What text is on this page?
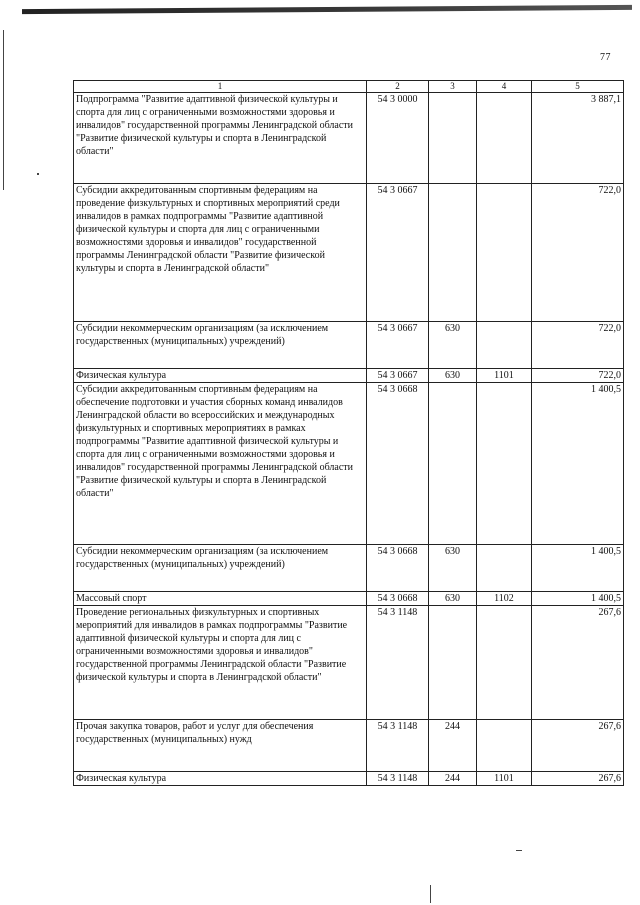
77
1	2	3	4	5
Подпрограмма "Развитие адаптивной физической культуры и спорта для лиц с ограниченными возможностями здоровья и инвалидов" государственной программы Ленинградской области "Развитие физической культуры и спорта в Ленинградской области"	54 3 0000			3 887,1
Субсидии аккредитованным спортивным федерациям на проведение физкультурных и спортивных мероприятий среди инвалидов в рамках подпрограммы "Развитие адаптивной физической культуры и спорта для лиц с ограниченными возможностями здоровья и инвалидов" государственной программы Ленинградской области "Развитие физической культуры и спорта в Ленинградской области"	54 3 0667			722,0
Субсидии некоммерческим организациям (за исключением государственных (муниципальных) учреждений)	54 3 0667	630		722,0
Физическая культура	54 3 0667	630	1101	722,0
Субсидии аккредитованным спортивным федерациям на обеспечение подготовки и участия сборных команд инвалидов Ленинградской области во всероссийских и международных физкультурных и спортивных мероприятиях в рамках подпрограммы "Развитие адаптивной физической культуры и спорта для лиц с ограниченными возможностями здоровья и инвалидов" государственной программы Ленинградской области "Развитие физической культуры и спорта в Ленинградской области"	54 3 0668			1 400,5
Субсидии некоммерческим организациям (за исключением государственных (муниципальных) учреждений)	54 3 0668	630		1 400,5
Массовый спорт	54 3 0668	630	1102	1 400,5
Проведение региональных физкультурных и спортивных мероприятий для инвалидов в рамках подпрограммы "Развитие адаптивной физической культуры и спорта для лиц с ограниченными возможностями здоровья и инвалидов" государственной программы Ленинградской области "Развитие физической культуры и спорта в Ленинградской области"	54 3 1148			267,6
Прочая закупка товаров, работ и услуг для обеспечения государственных (муниципальных) нужд	54 3 1148	244		267,6
Физическая культура	54 3 1148	244	1101	267,6
